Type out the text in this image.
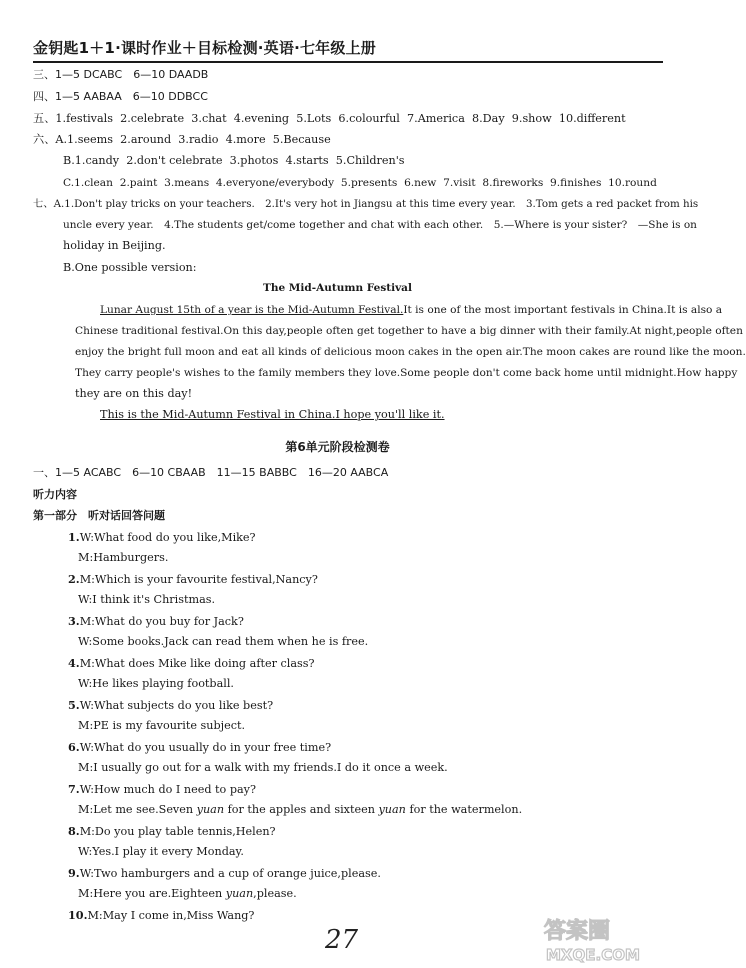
金钥匙1＋1·课时作业＋目标检测·英语·七年级上册
三、1—5 DCABC　6—10 DAADB
四、1—5 AABAA　6—10 DDBCC
五、1.festivals 2.celebrate 3.chat 4.evening 5.Lots 6.colourful 7.America 8.Day 9.show 10.different
六、A.1.seems 2.around 3.radio 4.more 5.Because
B.1.candy 2.don't celebrate 3.photos 4.starts 5.Children's
C.1.clean 2.paint 3.means 4.everyone/everybody 5.presents 6.new 7.visit 8.fireworks 9.finishes 10.round
七、A.1.Don't play tricks on your teachers.　2.It's very hot in Jiangsu at this time every year.　3.Tom gets a red packet from his
uncle every year.　4.The students get/come together and chat with each other.　5.—Where is your sister?　—She is on
holiday in Beijing.
B.One possible version:
The Mid-Autumn Festival
Lunar August 15th of a year is the Mid-Autumn Festival.It is one of the most important festivals in China.It is also a
Chinese traditional festival.On this day,people often get together to have a big dinner with their family.At night,people often
enjoy the bright full moon and eat all kinds of delicious moon cakes in the open air.The moon cakes are round like the moon.
They carry people's wishes to the family members they love.Some people don't come back home until midnight.How happy
they are on this day!
This is the Mid-Autumn Festival in China.I hope you'll like it.
第6单元阶段检测卷
一、1—5 ACABC　6—10 CBAAB　11—15 BABBC　16—20 AABCA
听力内容
第一部分　听对话回答问题
1.W:What food do you like,Mike?
M:Hamburgers.
2.M:Which is your favourite festival,Nancy?
W:I think it's Christmas.
3.M:What do you buy for Jack?
W:Some books.Jack can read them when he is free.
4.M:What does Mike like doing after class?
W:He likes playing football.
5.W:What subjects do you like best?
M:PE is my favourite subject.
6.W:What do you usually do in your free time?
M:I usually go out for a walk with my friends.I do it once a week.
7.W:How much do I need to pay?
M:Let me see.Seven yuan for the apples and sixteen yuan for the watermelon.
8.M:Do you play table tennis,Helen?
W:Yes.I play it every Monday.
9.W:Two hamburgers and a cup of orange juice,please.
M:Here you are.Eighteen yuan,please.
10.M:May I come in,Miss Wang?
27	答案圈
MXQE.COM
